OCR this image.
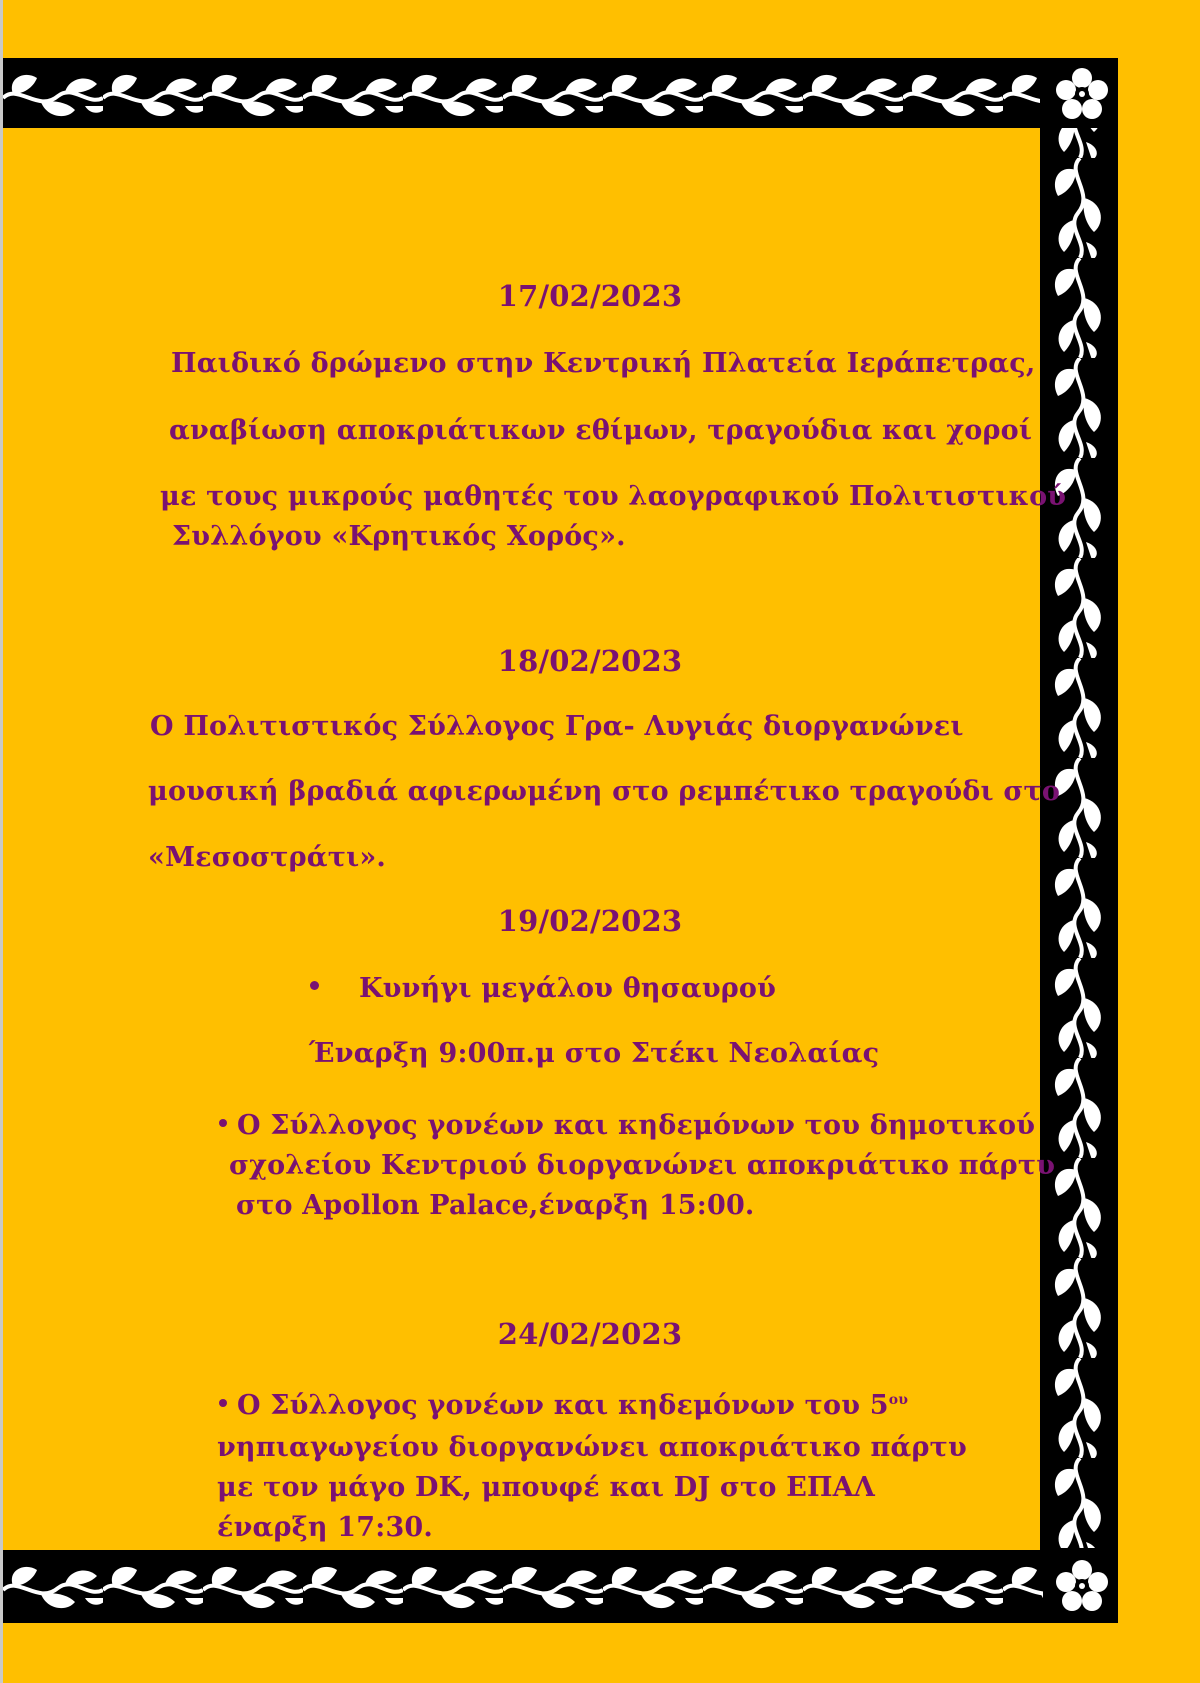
17/02/2023
Παιδικό δρώμενο στην Κεντρική Πλατεία Ιεράπετρας,
αναβίωση αποκριάτικων εθίμων, τραγούδια και χοροί
με τους μικρούς μαθητές του λαογραφικού Πολιτιστικού
Συλλόγου «Κρητικός Χορός».
18/02/2023
Ο Πολιτιστικός Σύλλογος Γρα- Λυγιάς διοργανώνει
μουσική βραδιά αφιερωμένη στο ρεμπέτικο τραγούδι στο
«Μεσοστράτι».
19/02/2023
Κυνήγι μεγάλου θησαυρού
Έναρξη 9:00π.μ στο Στέκι Νεολαίας
Ο Σύλλογος γονέων και κηδεμόνων του δημοτικού
σχολείου Κεντριού διοργανώνει αποκριάτικο πάρτυ
στο Apollon Palace,έναρξη 15:00.
24/02/2023
Ο Σύλλογος γονέων και κηδεμόνων του $5^{o\upsilon}$
νηπιαγωγείου διοργανώνει αποκριάτικο πάρτυ
με τον μάγο DK, μπουφέ και DJ στο ΕΠΑΛ
έναρξη 17:30.
